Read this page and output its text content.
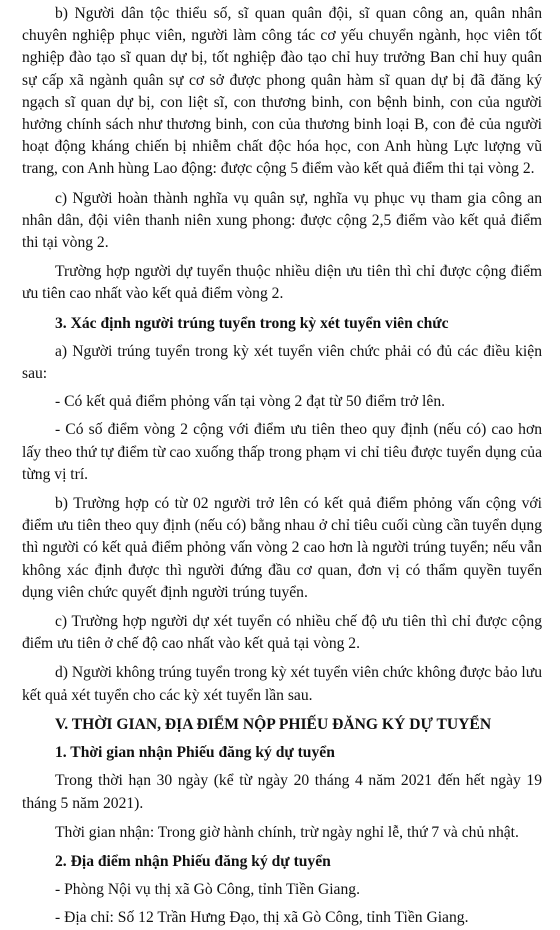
b) Người dân tộc thiểu số, sĩ quan quân đội, sĩ quan công an, quân nhân chuyên nghiệp phục viên, người làm công tác cơ yếu chuyển ngành, học viên tốt nghiệp đào tạo sĩ quan dự bị, tốt nghiệp đào tạo chỉ huy trưởng Ban chỉ huy quân sự cấp xã ngành quân sự cơ sở được phong quân hàm sĩ quan dự bị đã đăng ký ngạch sĩ quan dự bị, con liệt sĩ, con thương binh, con bệnh binh, con của người hưởng chính sách như thương binh, con của thương binh loại B, con đẻ của người hoạt động kháng chiến bị nhiễm chất độc hóa học, con Anh hùng Lực lượng vũ trang, con Anh hùng Lao động: được cộng 5 điểm vào kết quả điểm thi tại vòng 2.

c) Người hoàn thành nghĩa vụ quân sự, nghĩa vụ phục vụ tham gia công an nhân dân, đội viên thanh niên xung phong: được cộng 2,5 điểm vào kết quả điểm thi tại vòng 2.

Trường hợp người dự tuyển thuộc nhiều diện ưu tiên thì chỉ được cộng điểm ưu tiên cao nhất vào kết quả điểm vòng 2.

3. Xác định người trúng tuyển trong kỳ xét tuyển viên chức

a) Người trúng tuyển trong kỳ xét tuyển viên chức phải có đủ các điều kiện sau:

- Có kết quả điểm phỏng vấn tại vòng 2 đạt từ 50 điểm trở lên.

- Có số điểm vòng 2 cộng với điểm ưu tiên theo quy định (nếu có) cao hơn lấy theo thứ tự điểm từ cao xuống thấp trong phạm vi chỉ tiêu được tuyển dụng của từng vị trí.

b) Trường hợp có từ 02 người trở lên có kết quả điểm phỏng vấn cộng với điểm ưu tiên theo quy định (nếu có) bằng nhau ở chỉ tiêu cuối cùng cần tuyển dụng thì người có kết quả điểm phỏng vấn vòng 2 cao hơn là người trúng tuyển; nếu vẫn không xác định được thì người đứng đầu cơ quan, đơn vị có thẩm quyền tuyển dụng viên chức quyết định người trúng tuyển.

c) Trường hợp người dự xét tuyển có nhiều chế độ ưu tiên thì chỉ được cộng điểm ưu tiên ở chế độ cao nhất vào kết quả tại vòng 2.

d) Người không trúng tuyển trong kỳ xét tuyển viên chức không được bảo lưu kết quả xét tuyển cho các kỳ xét tuyển lần sau.

V. THỜI GIAN, ĐỊA ĐIỂM NỘP PHIẾU ĐĂNG KÝ DỰ TUYỂN

1. Thời gian nhận Phiếu đăng ký dự tuyển

Trong thời hạn 30 ngày (kể từ ngày 20 tháng 4 năm 2021 đến hết ngày 19 tháng 5 năm 2021).

Thời gian nhận: Trong giờ hành chính, trừ ngày nghỉ lễ, thứ 7 và chủ nhật.

2. Địa điểm nhận Phiếu đăng ký dự tuyển

- Phòng Nội vụ thị xã Gò Công, tỉnh Tiền Giang.

- Địa chỉ: Số 12 Trần Hưng Đạo, thị xã Gò Công, tỉnh Tiền Giang.
